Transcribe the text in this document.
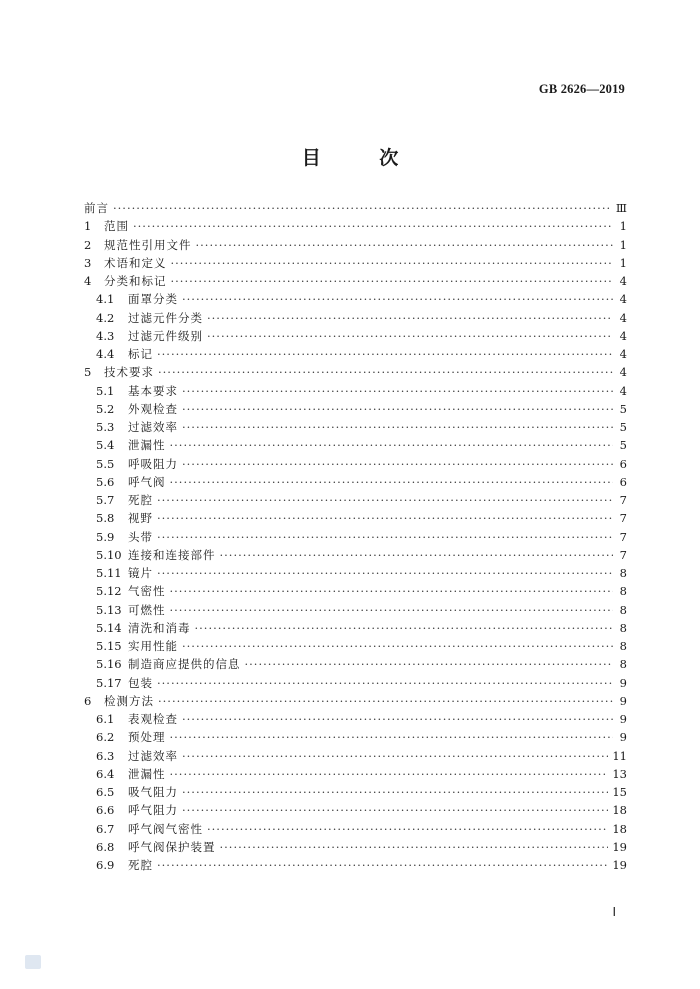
GB 2626—2019
目 次
前言 ·····	Ⅲ
1	范围 ·····	1
2	规范性引用文件 ·····	1
3	术语和定义 ·····	1
4	分类和标记 ·····	4
4.1	面罩分类 ·····	4
4.2	过滤元件分类 ·····	4
4.3	过滤元件级别 ·····	4
4.4	标记 ·····	4
5	技术要求 ·····	4
5.1	基本要求 ·····	4
5.2	外观检查 ·····	5
5.3	过滤效率 ·····	5
5.4	泄漏性 ·····	5
5.5	呼吸阻力 ·····	6
5.6	呼气阀 ·····	6
5.7	死腔 ·····	7
5.8	视野 ·····	7
5.9	头带 ·····	7
5.10 连接和连接部件 ·····	7
5.11 镜片 ·····	8
5.12 气密性 ·····	8
5.13 可燃性 ·····	8
5.14 清洗和消毒 ·····	8
5.15 实用性能 ·····	8
5.16 制造商应提供的信息 ·····	8
5.17 包装 ·····	9
6	检测方法 ·····	9
6.1	表观检查 ·····	9
6.2	预处理 ·····	9
6.3	过滤效率 ·····	11
6.4	泄漏性 ·····	13
6.5	吸气阻力 ·····	15
6.6	呼气阻力 ·····	18
6.7	呼气阀气密性 ·····	18
6.8	呼气阀保护装置 ·····	19
6.9	死腔 ·····	19
Ⅰ
